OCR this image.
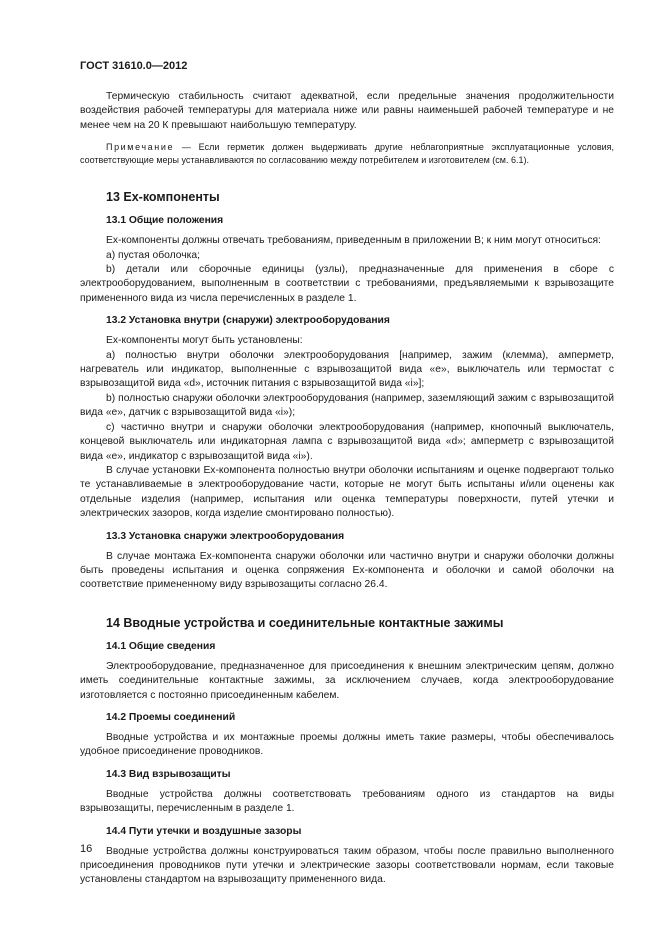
ГОСТ 31610.0—2012

Термическую стабильность считают адекватной, если предельные значения продолжительности воздействия рабочей температуры для материала ниже или равны наименьшей рабочей температуре и не менее чем на 20 К превышают наибольшую температуру.

Примечание — Если герметик должен выдерживать другие неблагоприятные эксплуатационные условия, соответствующие меры устанавливаются по согласованию между потребителем и изготовителем (см. 6.1).

13 Ex-компоненты
13.1 Общие положения

Ex-компоненты должны отвечать требованиям, приведенным в приложении В; к ним могут относиться:

а) пустая оболочка;

b) детали или сборочные единицы (узлы), предназначенные для применения в сборе с электрооборудованием, выполненным в соответствии с требованиями, предъявляемыми к взрывозащите примененного вида из числа перечисленных в разделе 1.

13.2 Установка внутри (снаружи) электрооборудования

Ex-компоненты могут быть установлены:

а) полностью внутри оболочки электрооборудования [например, зажим (клемма), амперметр, нагреватель или индикатор, выполненные с взрывозащитой вида «е», выключатель или термостат с взрывозащитой вида «d», источник питания с взрывозащитой вида «i»];

b) полностью снаружи оболочки электрооборудования (например, заземляющий зажим с взрывозащитой вида «е», датчик с взрывозащитой вида «i»);

с) частично внутри и снаружи оболочки электрооборудования (например, кнопочный выключатель, концевой выключатель или индикаторная лампа с взрывозащитой вида «d»; амперметр с взрывозащитой вида «е», индикатор с взрывозащитой вида «i»).

В случае установки Ex-компонента полностью внутри оболочки испытаниям и оценке подвергают только те устанавливаемые в электрооборудование части, которые не могут быть испытаны и/или оценены как отдельные изделия (например, испытания или оценка температуры поверхности, путей утечки и электрических зазоров, когда изделие смонтировано полностью).

13.3 Установка снаружи электрооборудования

В случае монтажа Ex-компонента снаружи оболочки или частично внутри и снаружи оболочки должны быть проведены испытания и оценка сопряжения Ex-компонента и оболочки и самой оболочки на соответствие примененному виду взрывозащиты согласно 26.4.

14 Вводные устройства и соединительные контактные зажимы
14.1 Общие сведения

Электрооборудование, предназначенное для присоединения к внешним электрическим цепям, должно иметь соединительные контактные зажимы, за исключением случаев, когда электрооборудование изготовляется с постоянно присоединенным кабелем.

14.2 Проемы соединений

Вводные устройства и их монтажные проемы должны иметь такие размеры, чтобы обеспечивалось удобное присоединение проводников.

14.3 Вид взрывозащиты

Вводные устройства должны соответствовать требованиям одного из стандартов на виды взрывозащиты, перечисленным в разделе 1.

14.4 Пути утечки и воздушные зазоры

Вводные устройства должны конструироваться таким образом, чтобы после правильно выполненного присоединения проводников пути утечки и электрические зазоры соответствовали нормам, если таковые установлены стандартом на взрывозащиту примененного вида.

16
